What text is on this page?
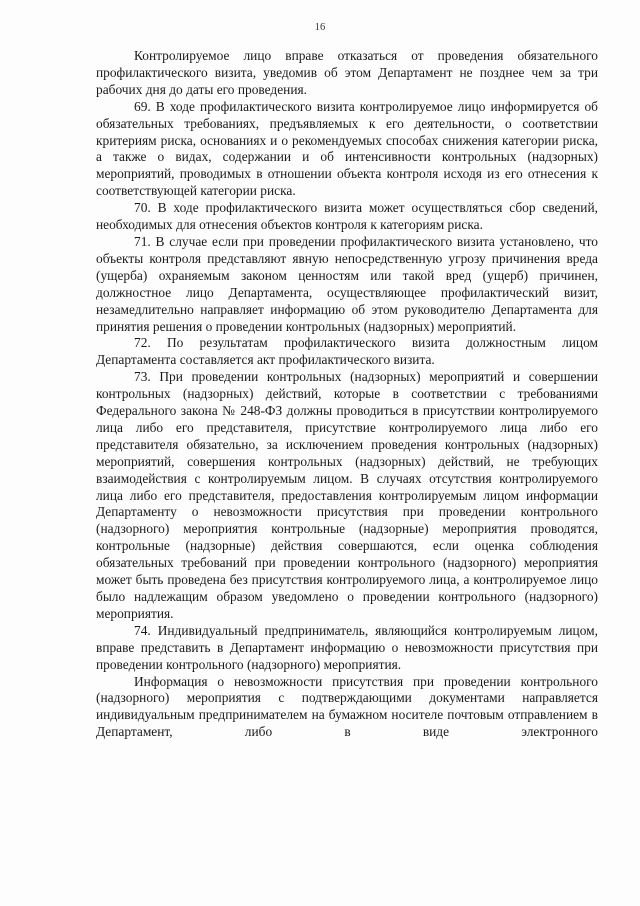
16

Контролируемое лицо вправе отказаться от проведения обязательного профилактического визита, уведомив об этом Департамент не позднее чем за три рабочих дня до даты его проведения.

69. В ходе профилактического визита контролируемое лицо информируется об обязательных требованиях, предъявляемых к его деятельности, о соответствии критериям риска, основаниях и о рекомендуемых способах снижения категории риска, а также о видах, содержании и об интенсивности контрольных (надзорных) мероприятий, проводимых в отношении объекта контроля исходя из его отнесения к соответствующей категории риска.

70. В ходе профилактического визита может осуществляться сбор сведений, необходимых для отнесения объектов контроля к категориям риска.

71. В случае если при проведении профилактического визита установлено, что объекты контроля представляют явную непосредственную угрозу причинения вреда (ущерба) охраняемым законом ценностям или такой вред (ущерб) причинен, должностное лицо Департамента, осуществляющее профилактический визит, незамедлительно направляет информацию об этом руководителю Департамента для принятия решения о проведении контрольных (надзорных) мероприятий.

72. По результатам профилактического визита должностным лицом Департамента составляется акт профилактического визита.

73. При проведении контрольных (надзорных) мероприятий и совершении контрольных (надзорных) действий, которые в соответствии с требованиями Федерального закона № 248-ФЗ должны проводиться в присутствии контролируемого лица либо его представителя, присутствие контролируемого лица либо его представителя обязательно, за исключением проведения контрольных (надзорных) мероприятий, совершения контрольных (надзорных) действий, не требующих взаимодействия с контролируемым лицом. В случаях отсутствия контролируемого лица либо его представителя, предоставления контролируемым лицом информации Департаменту о невозможности присутствия при проведении контрольного (надзорного) мероприятия контрольные (надзорные) мероприятия проводятся, контрольные (надзорные) действия совершаются, если оценка соблюдения обязательных требований при проведении контрольного (надзорного) мероприятия может быть проведена без присутствия контролируемого лица, а контролируемое лицо было надлежащим образом уведомлено о проведении контрольного (надзорного) мероприятия.

74. Индивидуальный предприниматель, являющийся контролируемым лицом, вправе представить в Департамент информацию о невозможности присутствия при проведении контрольного (надзорного) мероприятия.

Информация о невозможности присутствия при проведении контрольного (надзорного) мероприятия с подтверждающими документами направляется индивидуальным предпринимателем на бумажном носителе почтовым отправлением в Департамент, либо в виде электронного
